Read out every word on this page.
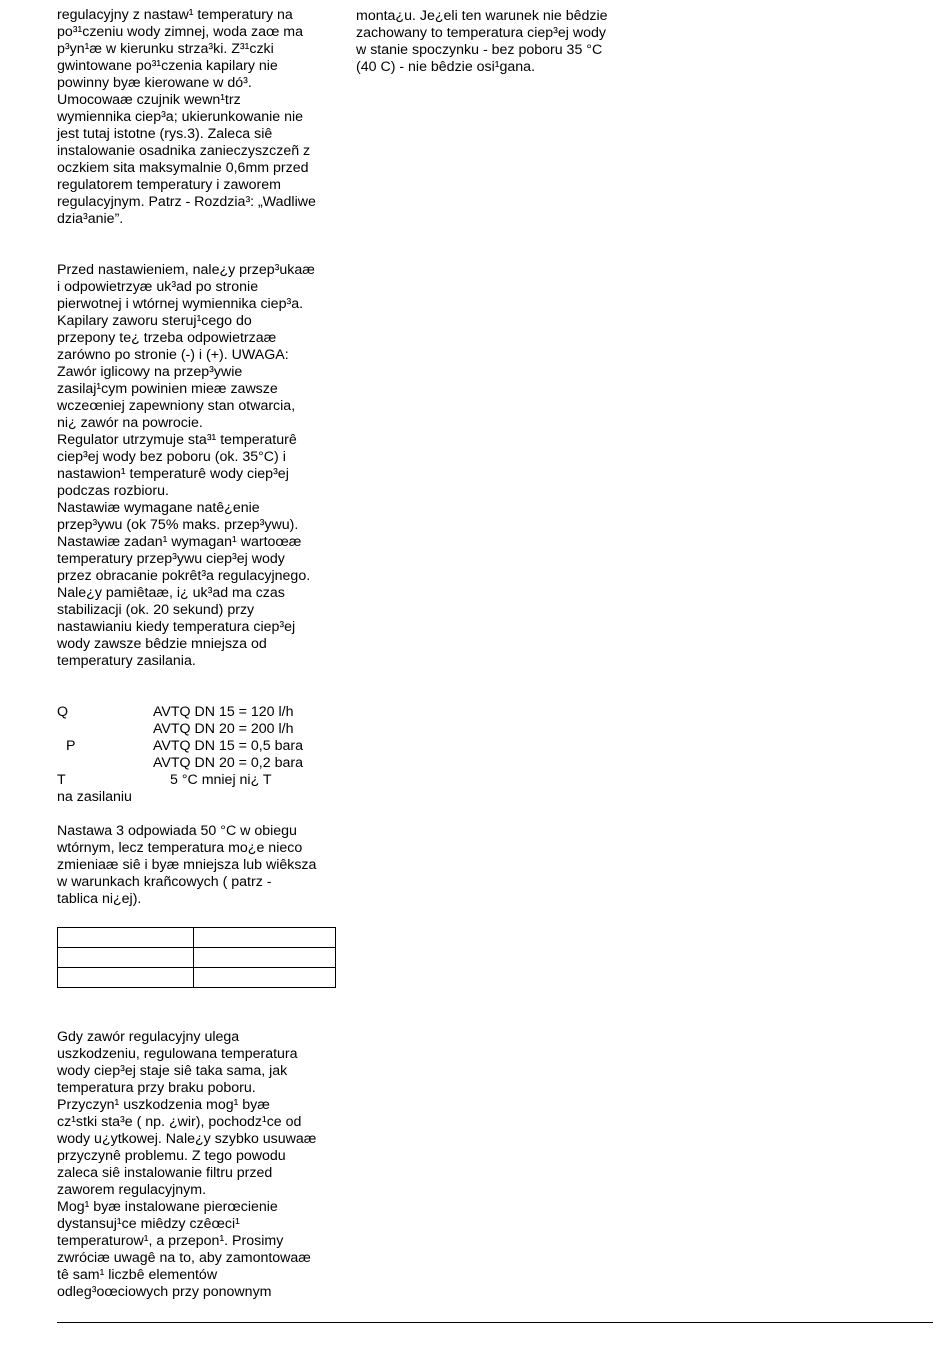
regulacyjny z nastaw¹ temperatury na
po³¹czeniu wody zimnej, woda zaœ ma
p³yn¹æ w kierunku strza³ki. Z³¹czki
gwintowane po³¹czenia kapilary nie
powinny byæ kierowane w dó³.
Umocowaæ czujnik wewn¹trz
wymiennika ciep³a; ukierunkowanie nie
jest tutaj istotne (rys.3). Zaleca siê
instalowanie osadnika zanieczyszczeñ z
oczkiem sita maksymalnie 0,6mm przed
regulatorem temperatury i zaworem
regulacyjnym. Patrz - Rozdzia³: „Wadliwe
dzia³anie”.
Przed nastawieniem, nale¿y przep³ukaæ
i odpowietrzyæ uk³ad po stronie
pierwotnej i wtórnej wymiennika ciep³a.
Kapilary zaworu steruj¹cego do
przepony te¿ trzeba odpowietrzaæ
zarówno po stronie (-) i (+). UWAGA:
Zawór iglicowy na przep³ywie
zasilaj¹cym powinien mieæ zawsze
wczeœniej zapewniony stan otwarcia,
ni¿ zawór na powrocie.
Regulator utrzymuje sta³¹ temperaturê
ciep³ej wody bez poboru (ok. 35°C) i
nastawion¹ temperaturê wody ciep³ej
podczas rozbioru.
Nastawiæ wymagane natê¿enie
przep³ywu (ok 75% maks. przep³ywu).
Nastawiæ zadan¹ wymagan¹ wartoœæ
temperatury przep³ywu ciep³ej wody
przez obracanie pokrêt³a regulacyjnego.
Nale¿y pamiêtaæ, i¿ uk³ad ma czas
stabilizacji (ok. 20 sekund) przy
nastawianiu kiedy temperatura ciep³ej
wody zawsze bêdzie mniejsza od
temperatury zasilania.
Q	AVTQ DN 15 = 120 l/h
AVTQ DN 20 = 200 l/h
P	AVTQ DN 15 = 0,5 bara
AVTQ DN 20 = 0,2 bara
T	5 °C mniej ni¿ T
na zasilaniu
Nastawa 3 odpowiada 50 °C w obiegu
wtórnym, lecz temperatura mo¿e nieco
zmieniaæ siê i byæ mniejsza lub wiêksza
w warunkach krañcowych ( patrz -
tablica ni¿ej).

Gdy zawór regulacyjny ulega
uszkodzeniu, regulowana temperatura
wody ciep³ej staje siê taka sama, jak
temperatura przy braku poboru.
Przyczyn¹ uszkodzenia mog¹ byæ
cz¹stki sta³e ( np. ¿wir), pochodz¹ce od
wody u¿ytkowej. Nale¿y szybko usuwaæ
przyczynê problemu. Z tego powodu
zaleca siê instalowanie filtru przed
zaworem regulacyjnym.
Mog¹ byæ instalowane pierœcienie
dystansuj¹ce miêdzy czêœci¹
temperaturow¹, a przepon¹. Prosimy
zwróciæ uwagê na to, aby zamontowaæ
tê sam¹ liczbê elementów
odleg³oœciowych przy ponownym
monta¿u. Je¿eli ten warunek nie bêdzie
zachowany to temperatura ciep³ej wody
w stanie spoczynku - bez poboru 35 °C
(40 C) - nie bêdzie osi¹gana.
